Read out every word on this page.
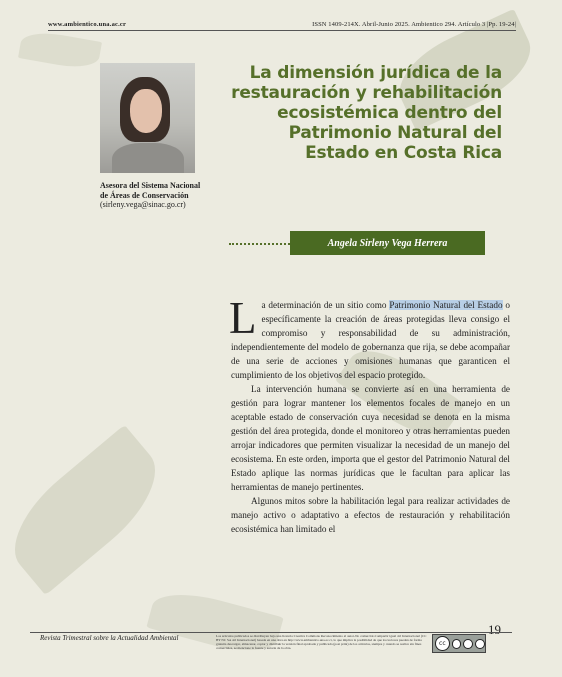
www.ambientico.una.ac.cr	ISSN 1409-214X. Abril-Junio 2025. Ambientico 294. Artículo 3 |Pp. 19-24|
Asesora del Sistema Nacional de Áreas de Conservación (sirleny.vega@sinac.go.cr)
La dimensión jurídica de la restauración y rehabilitación ecosistémica dentro del Patrimonio Natural del Estado en Costa Rica
Angela Sirleny Vega Herrera

La determinación de un sitio como Patrimonio Natural del Estado o específicamente la creación de áreas protegidas lleva consigo el compromiso y responsabilidad de su administración, independientemente del modelo de gobernanza que rija, se debe acompañar de una serie de acciones y omisiones humanas que garanticen el cumplimiento de los objetivos del espacio protegido.

La intervención humana se convierte así en una herramienta de gestión para lograr mantener los elementos focales de manejo en un aceptable estado de conservación cuya necesidad se denota en la misma gestión del área protegida, donde el monitoreo y otras herramientas pueden arrojar indicadores que permiten visualizar la necesidad de un manejo del ecosistema. En este orden, importa que el gestor del Patrimonio Natural del Estado aplique las normas jurídicas que le facultan para aplicar las herramientas de manejo pertinentes.

Algunos mitos sobre la habilitación legal para realizar actividades de manejo activo o adaptativo a efectos de restauración y rehabilitación ecosistémica han limitado el

19
Revista Trimestral sobre la Actualidad Ambiental	Los artículos publicados se distribuyen bajo una licencia Creative Commons Reconocimiento al autor-No comercial-Compartir igual 4.0 Internacional (CC BY NC SA 4.0 Internacional) basada en una obra en http://www.ambientico.una.ac.cr, lo que implica la posibilidad de que los lectores puedan de forma gratuita descargar, almacenar, copiar y distribuir la versión final aprobada y publicada (post print) de los artículos, siempre y cuando se realice sin fines comerciales, se mencione la fuente y autoría de la obra.
cc
